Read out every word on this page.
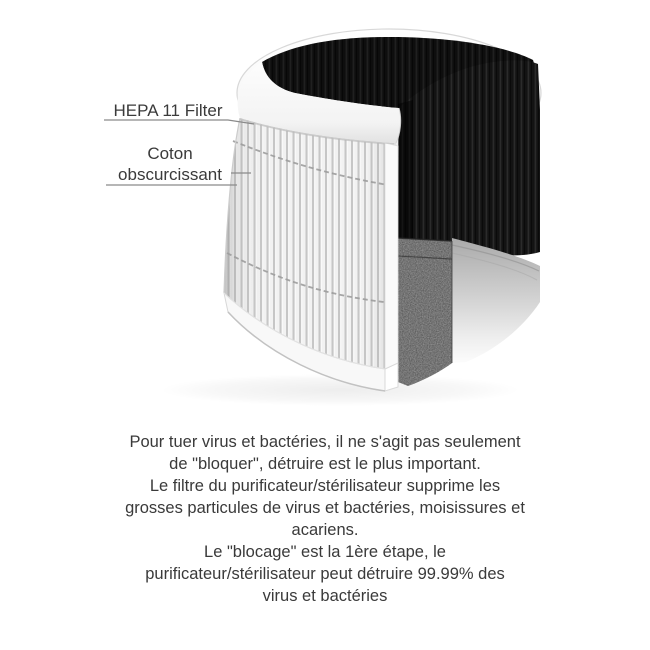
HEPA 11 Filter
Coton
obscurcissant
Pour tuer virus et bactéries, il ne s'agit pas seulement
de "bloquer", détruire est le plus important.
Le filtre du purificateur/stérilisateur supprime les
grosses particules de virus et bactéries, moisissures et
acariens.
Le "blocage" est la 1ère étape, le
purificateur/stérilisateur peut détruire 99.99% des
virus et bactéries
